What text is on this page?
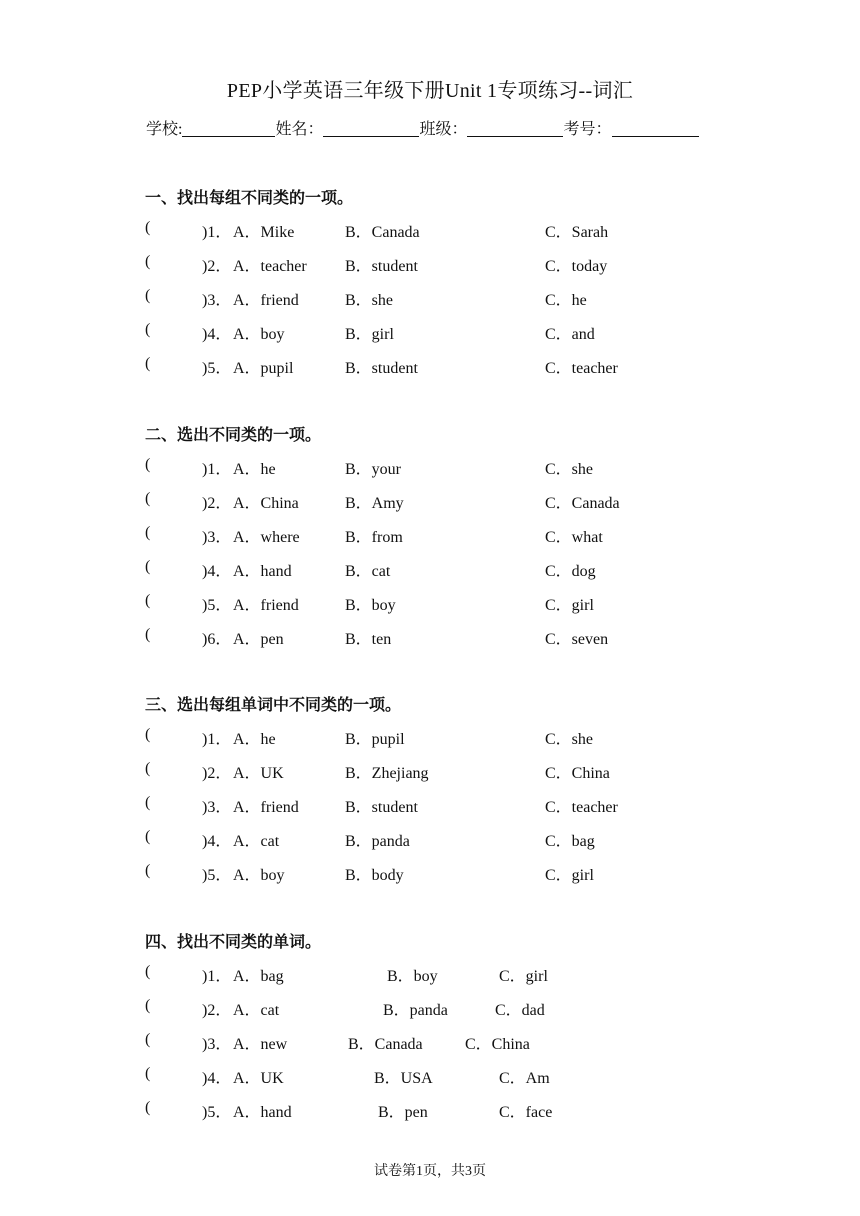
PEP小学英语三年级下册Unit 1专项练习--词汇
学校:	姓名：	班级：	考号：
一、找出每组不同类的一项。
(	)1． A．Mike	B．Canada	C．Sarah
(	)2． A．teacher B．student	C．today
(	)3． A．friend	B．she	C．he
(	)4． A．boy	B．girl	C．and
(	)5． A．pupil	B．student	C．teacher
二、选出不同类的一项。
(	)1． A．he	B．your	C．she
(	)2． A．China	B．Amy	C．Canada
(	)3． A．where	B．from	C．what
(	)4． A．hand	B．cat	C．dog
(	)5． A．friend	B．boy	C．girl
(	)6． A．pen	B．ten	C．seven
三、选出每组单词中不同类的一项。
(	)1． A．he	B．pupil	C．she
(	)2． A．UK	B．Zhejiang	C．China
(	)3． A．friend	B．student	C．teacher
(	)4． A．cat	B．panda	C．bag
(	)5． A．boy	B．body	C．girl
四、找出不同类的单词。
(	)1． A．bag	B．boy	C．girl
(	)2． A．cat	B．panda	C．dad
(	)3． A．new	B．Canada	C．China
(	)4． A．UK	B．USA	C．Am
(	)5． A．hand	B．pen	C．face
试卷第1页，共3页
